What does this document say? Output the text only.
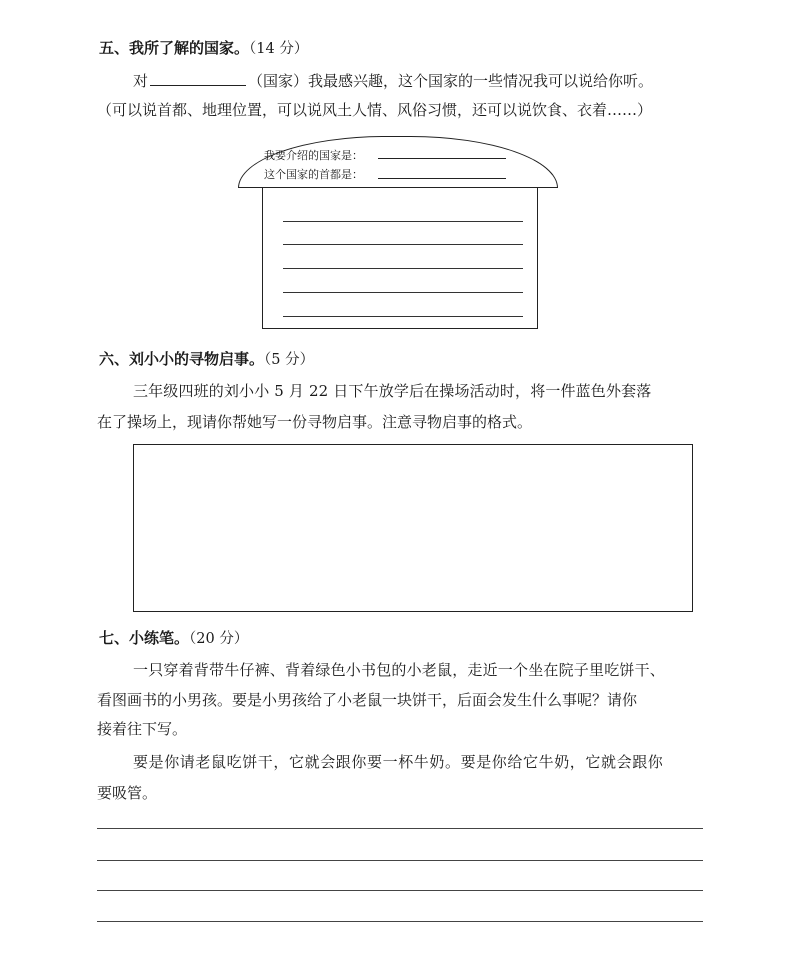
五、我所了解的国家。（14 分）
对	（国家）我最感兴趣，这个国家的一些情况我可以说给你听。
（可以说首都、地理位置，可以说风土人情、风俗习惯，还可以说饮食、衣着……）
我要介绍的国家是：
这个国家的首都是：
六、刘小小的寻物启事。（5 分）
三年级四班的刘小小 5 月 22 日下午放学后在操场活动时，将一件蓝色外套落
在了操场上，现请你帮她写一份寻物启事。注意寻物启事的格式。
七、小练笔。（20 分）
一只穿着背带牛仔裤、背着绿色小书包的小老鼠，走近一个坐在院子里吃饼干、
看图画书的小男孩。要是小男孩给了小老鼠一块饼干，后面会发生什么事呢？请你
接着往下写。
要是你请老鼠吃饼干，它就会跟你要一杯牛奶。要是你给它牛奶，它就会跟你
要吸管。
